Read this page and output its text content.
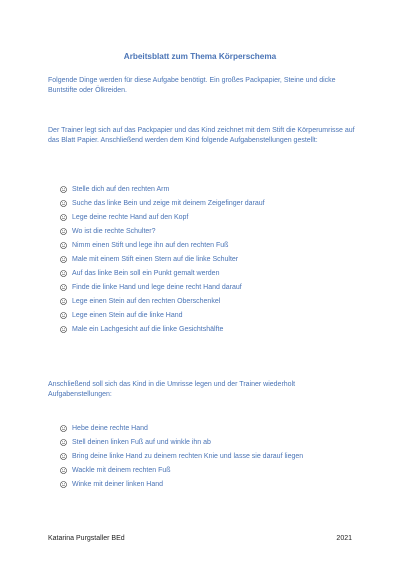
Arbeitsblatt zum Thema Körperschema

Folgende Dinge werden für diese Aufgabe benötigt. Ein großes Packpapier, Steine und dicke Buntstifte oder Ölkreiden.

Der Trainer legt sich auf das Packpapier und das Kind zeichnet mit dem Stift die Körperumrisse auf das Blatt Papier. Anschließend werden dem Kind folgende Aufgabenstellungen gestellt:

Stelle dich auf den rechten Arm
Suche das linke Bein und zeige mit deinem Zeigefinger darauf
Lege deine rechte Hand auf den Kopf
Wo ist die rechte Schulter?
Nimm einen Stift und lege ihn auf den rechten Fuß
Male mit einem Stift einen Stern auf die linke Schulter
Auf das linke Bein soll ein Punkt gemalt werden
Finde die linke Hand und lege deine recht Hand darauf
Lege einen Stein auf den rechten Oberschenkel
Lege einen Stein auf die linke Hand
Male ein Lachgesicht auf die linke Gesichtshälfte

Anschließend soll sich das Kind in die Umrisse legen und der Trainer wiederholt Aufgabenstellungen:

Hebe deine rechte Hand
Stell deinen linken Fuß auf und winkle ihn ab
Bring deine linke Hand zu deinem rechten Knie und lasse sie darauf liegen
Wackle mit deinem rechten Fuß
Winke mit deiner linken Hand
Katarina Purgstaller BEd	2021
